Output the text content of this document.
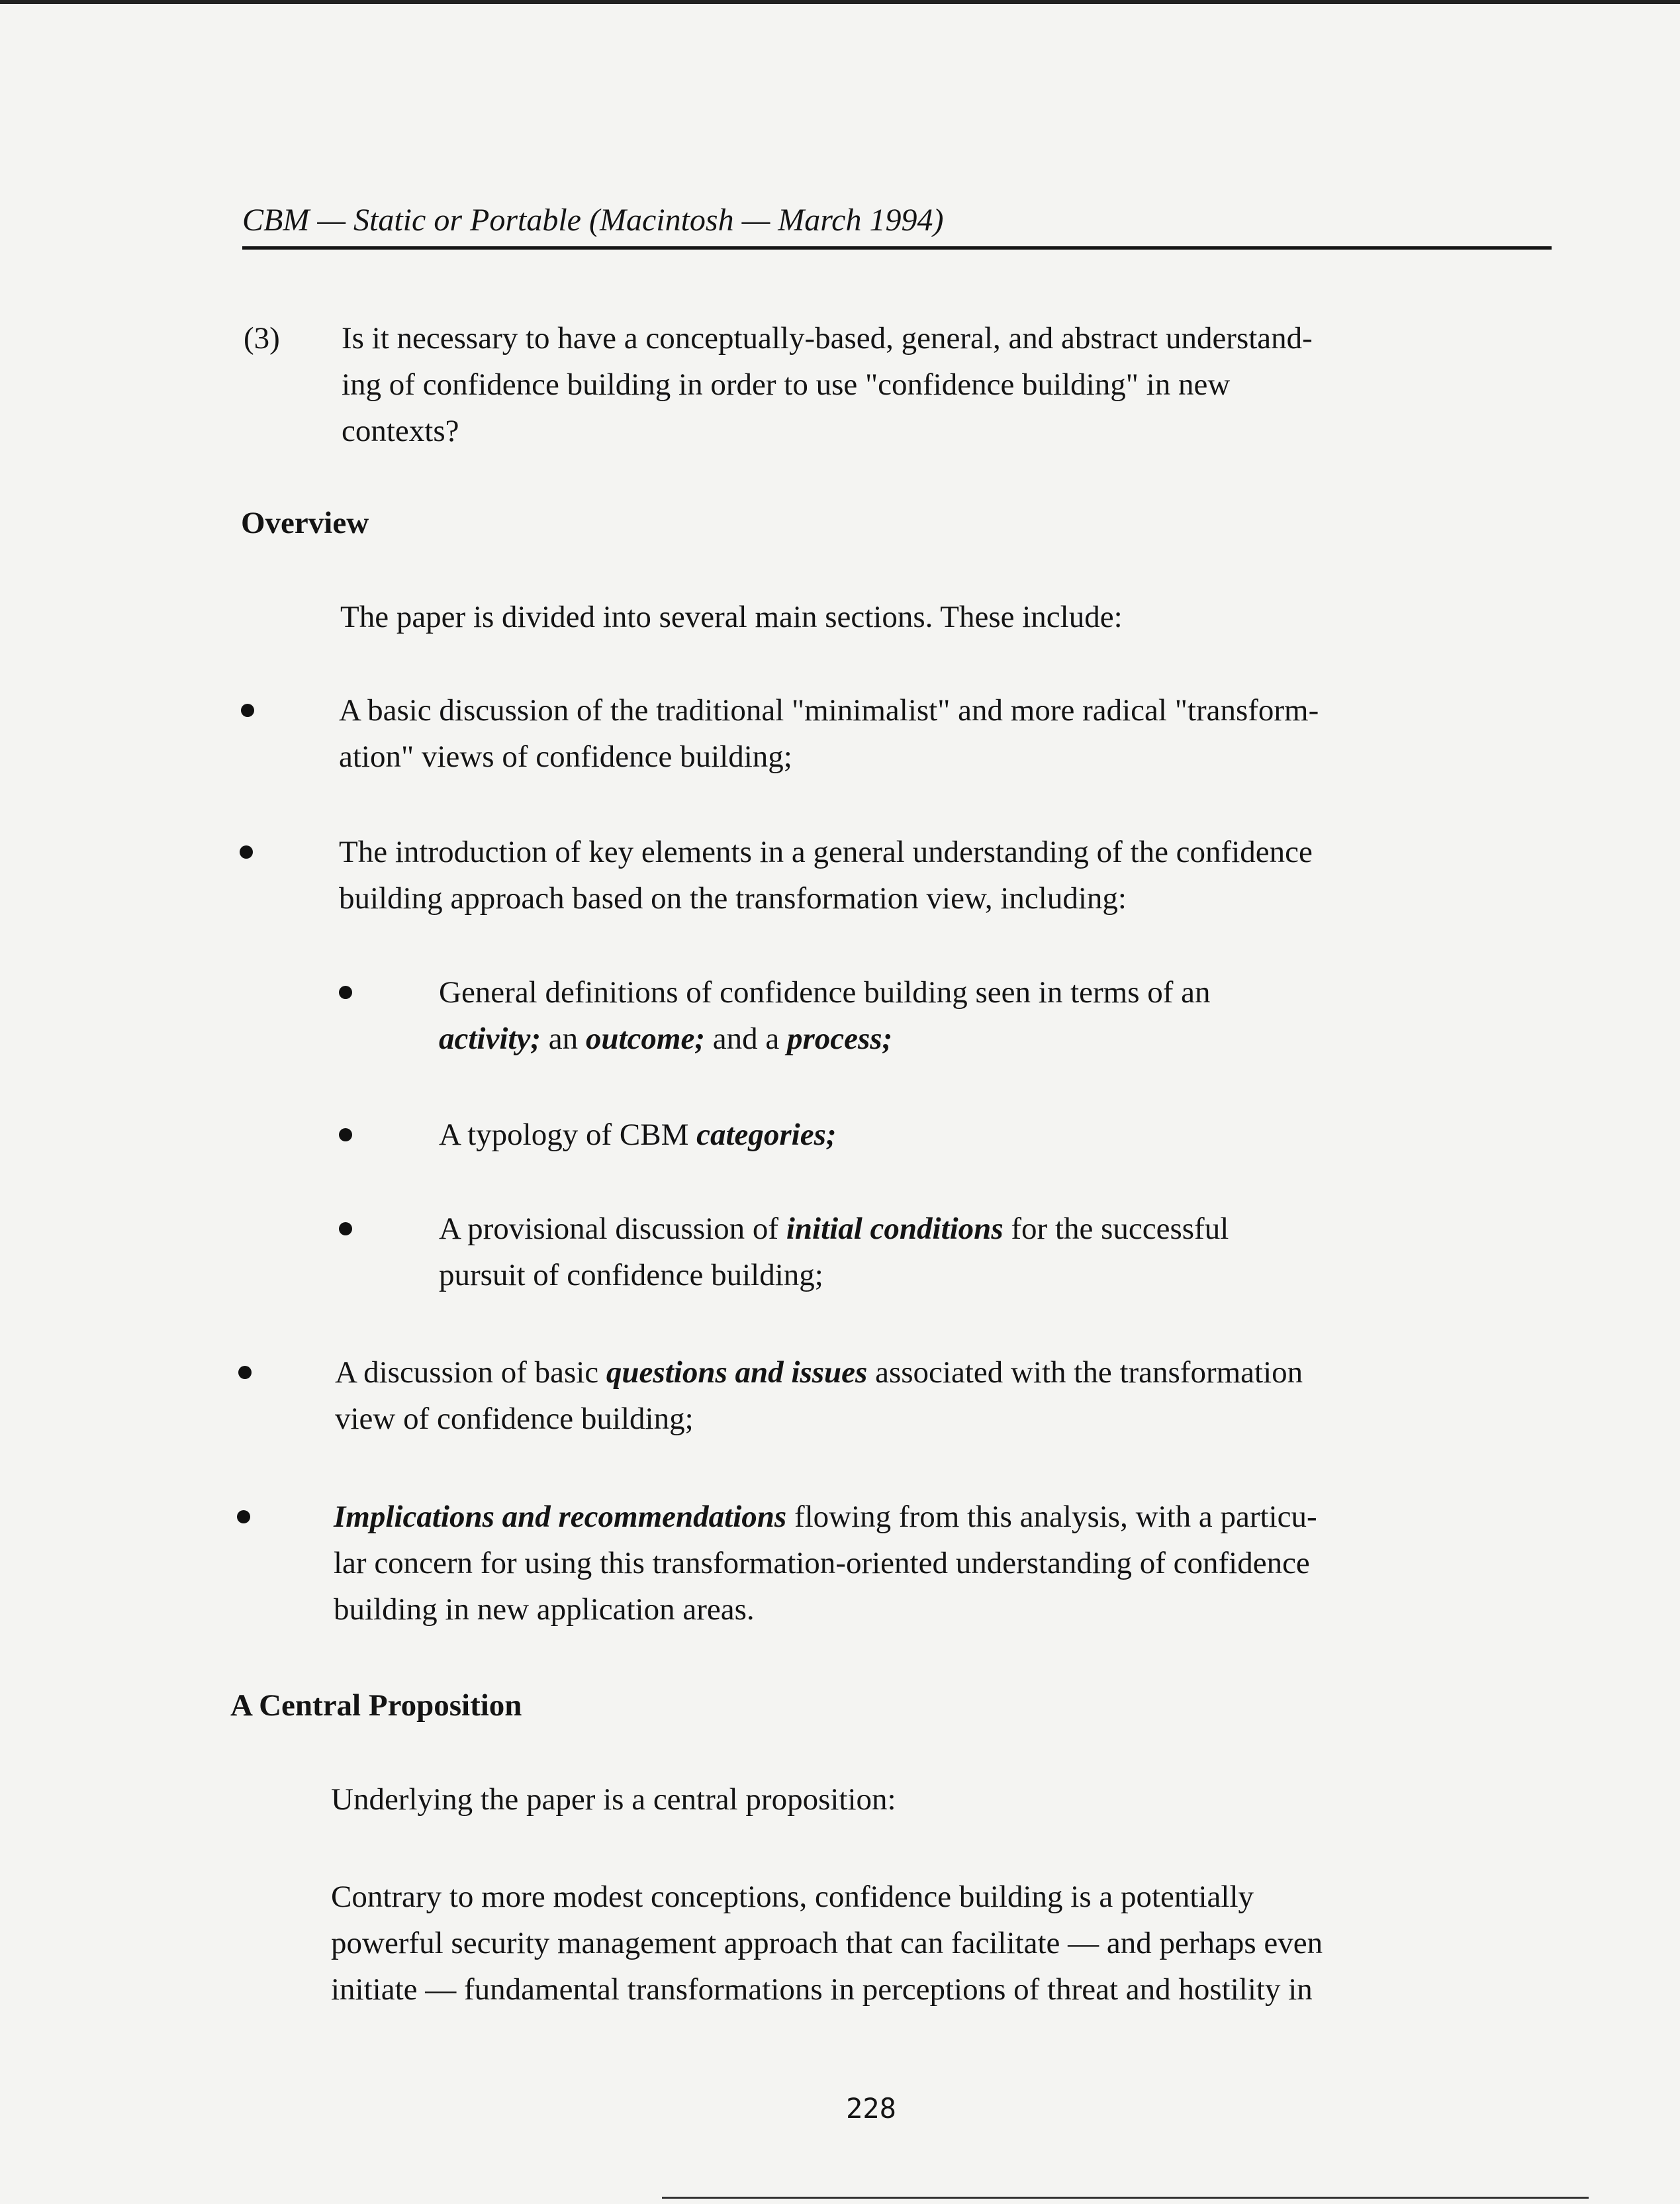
CBM — Static or Portable (Macintosh — March 1994)
(3) Is it necessary to have a conceptually-based, general, and abstract understand-
ing of confidence building in order to use "confidence building" in new
contexts?
Overview
The paper is divided into several main sections. These include:
A basic discussion of the traditional "minimalist" and more radical "transform-
ation" views of confidence building;
The introduction of key elements in a general understanding of the confidence
building approach based on the transformation view, including:
General definitions of confidence building seen in terms of an
activity; an outcome; and a process;
A typology of CBM categories;
A provisional discussion of initial conditions for the successful
pursuit of confidence building;
A discussion of basic questions and issues associated with the transformation
view of confidence building;
Implications and recommendations flowing from this analysis, with a particu-
lar concern for using this transformation-oriented understanding of confidence
building in new application areas.
A Central Proposition
Underlying the paper is a central proposition:
Contrary to more modest conceptions, confidence building is a potentially
powerful security management approach that can facilitate — and perhaps even
initiate — fundamental transformations in perceptions of threat and hostility in
228
